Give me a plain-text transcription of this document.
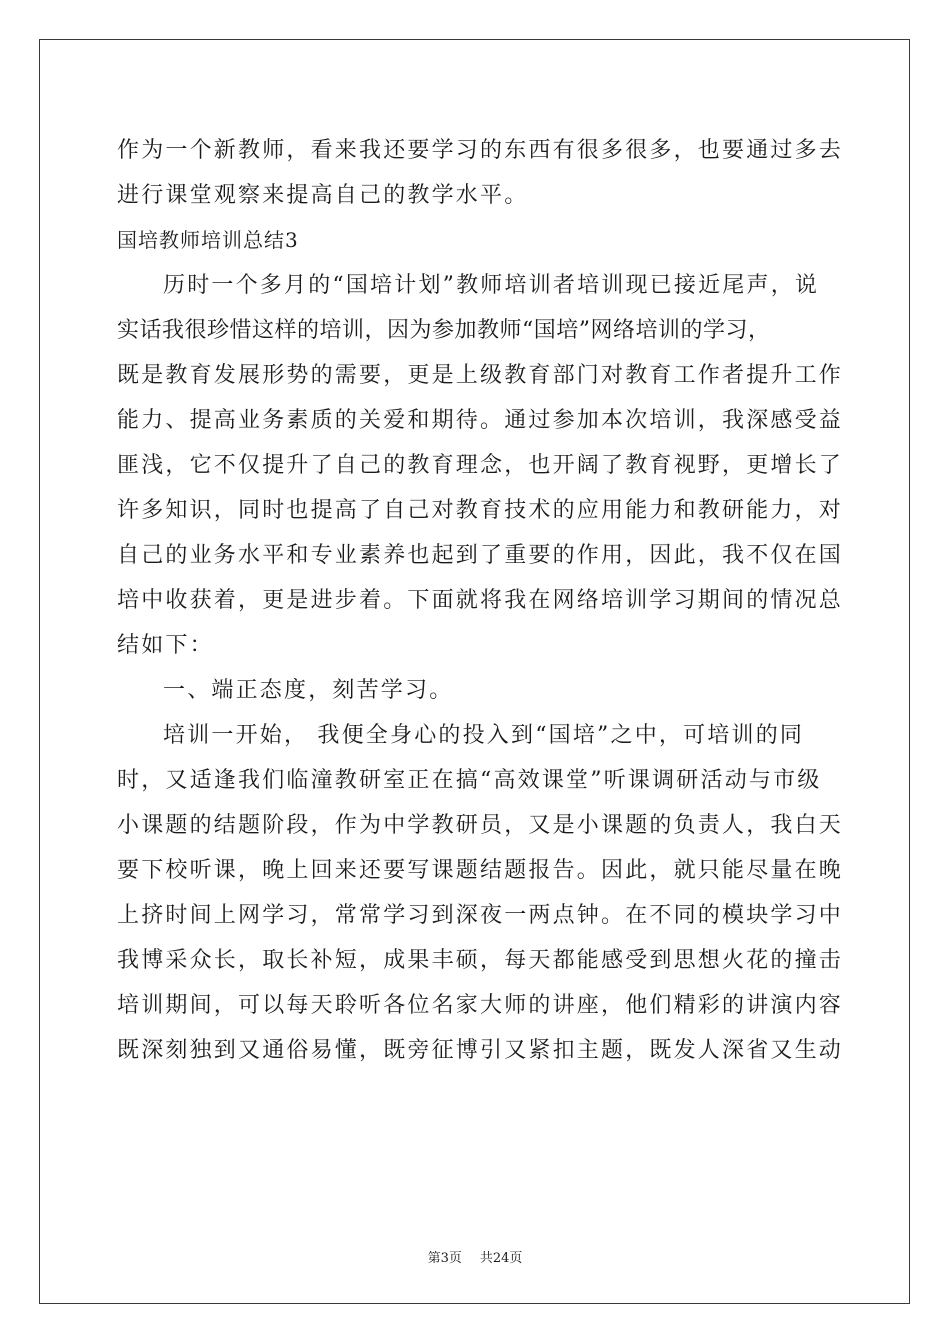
作为一个新教师，看来我还要学习的东西有很多很多，也要通过多去
进行课堂观察来提高自己的教学水平。
国培教师培训总结3
历时一个多月的“国培计划”教师培训者培训现已接近尾声，说
实话我很珍惜这样的培训，因为参加教师“国培”网络培训的学习，
既是教育发展形势的需要，更是上级教育部门对教育工作者提升工作
能力、提高业务素质的关爱和期待。通过参加本次培训，我深感受益
匪浅，它不仅提升了自己的教育理念，也开阔了教育视野，更增长了
许多知识，同时也提高了自己对教育技术的应用能力和教研能力，对
自己的业务水平和专业素养也起到了重要的作用，因此，我不仅在国
培中收获着，更是进步着。下面就将我在网络培训学习期间的情况总
结如下：
一、端正态度，刻苦学习。
培训一开始， 我便全身心的投入到“国培”之中，可培训的同
时，又适逢我们临潼教研室正在搞“高效课堂”听课调研活动与市级
小课题的结题阶段，作为中学教研员，又是小课题的负责人，我白天
要下校听课，晚上回来还要写课题结题报告。因此，就只能尽量在晚
上挤时间上网学习，常常学习到深夜一两点钟。在不同的模块学习中
我博采众长，取长补短，成果丰硕，每天都能感受到思想火花的撞击
培训期间，可以每天聆听各位名家大师的讲座，他们精彩的讲演内容
既深刻独到又通俗易懂，既旁征博引又紧扣主题，既发人深省又生动
第3页 共24页
